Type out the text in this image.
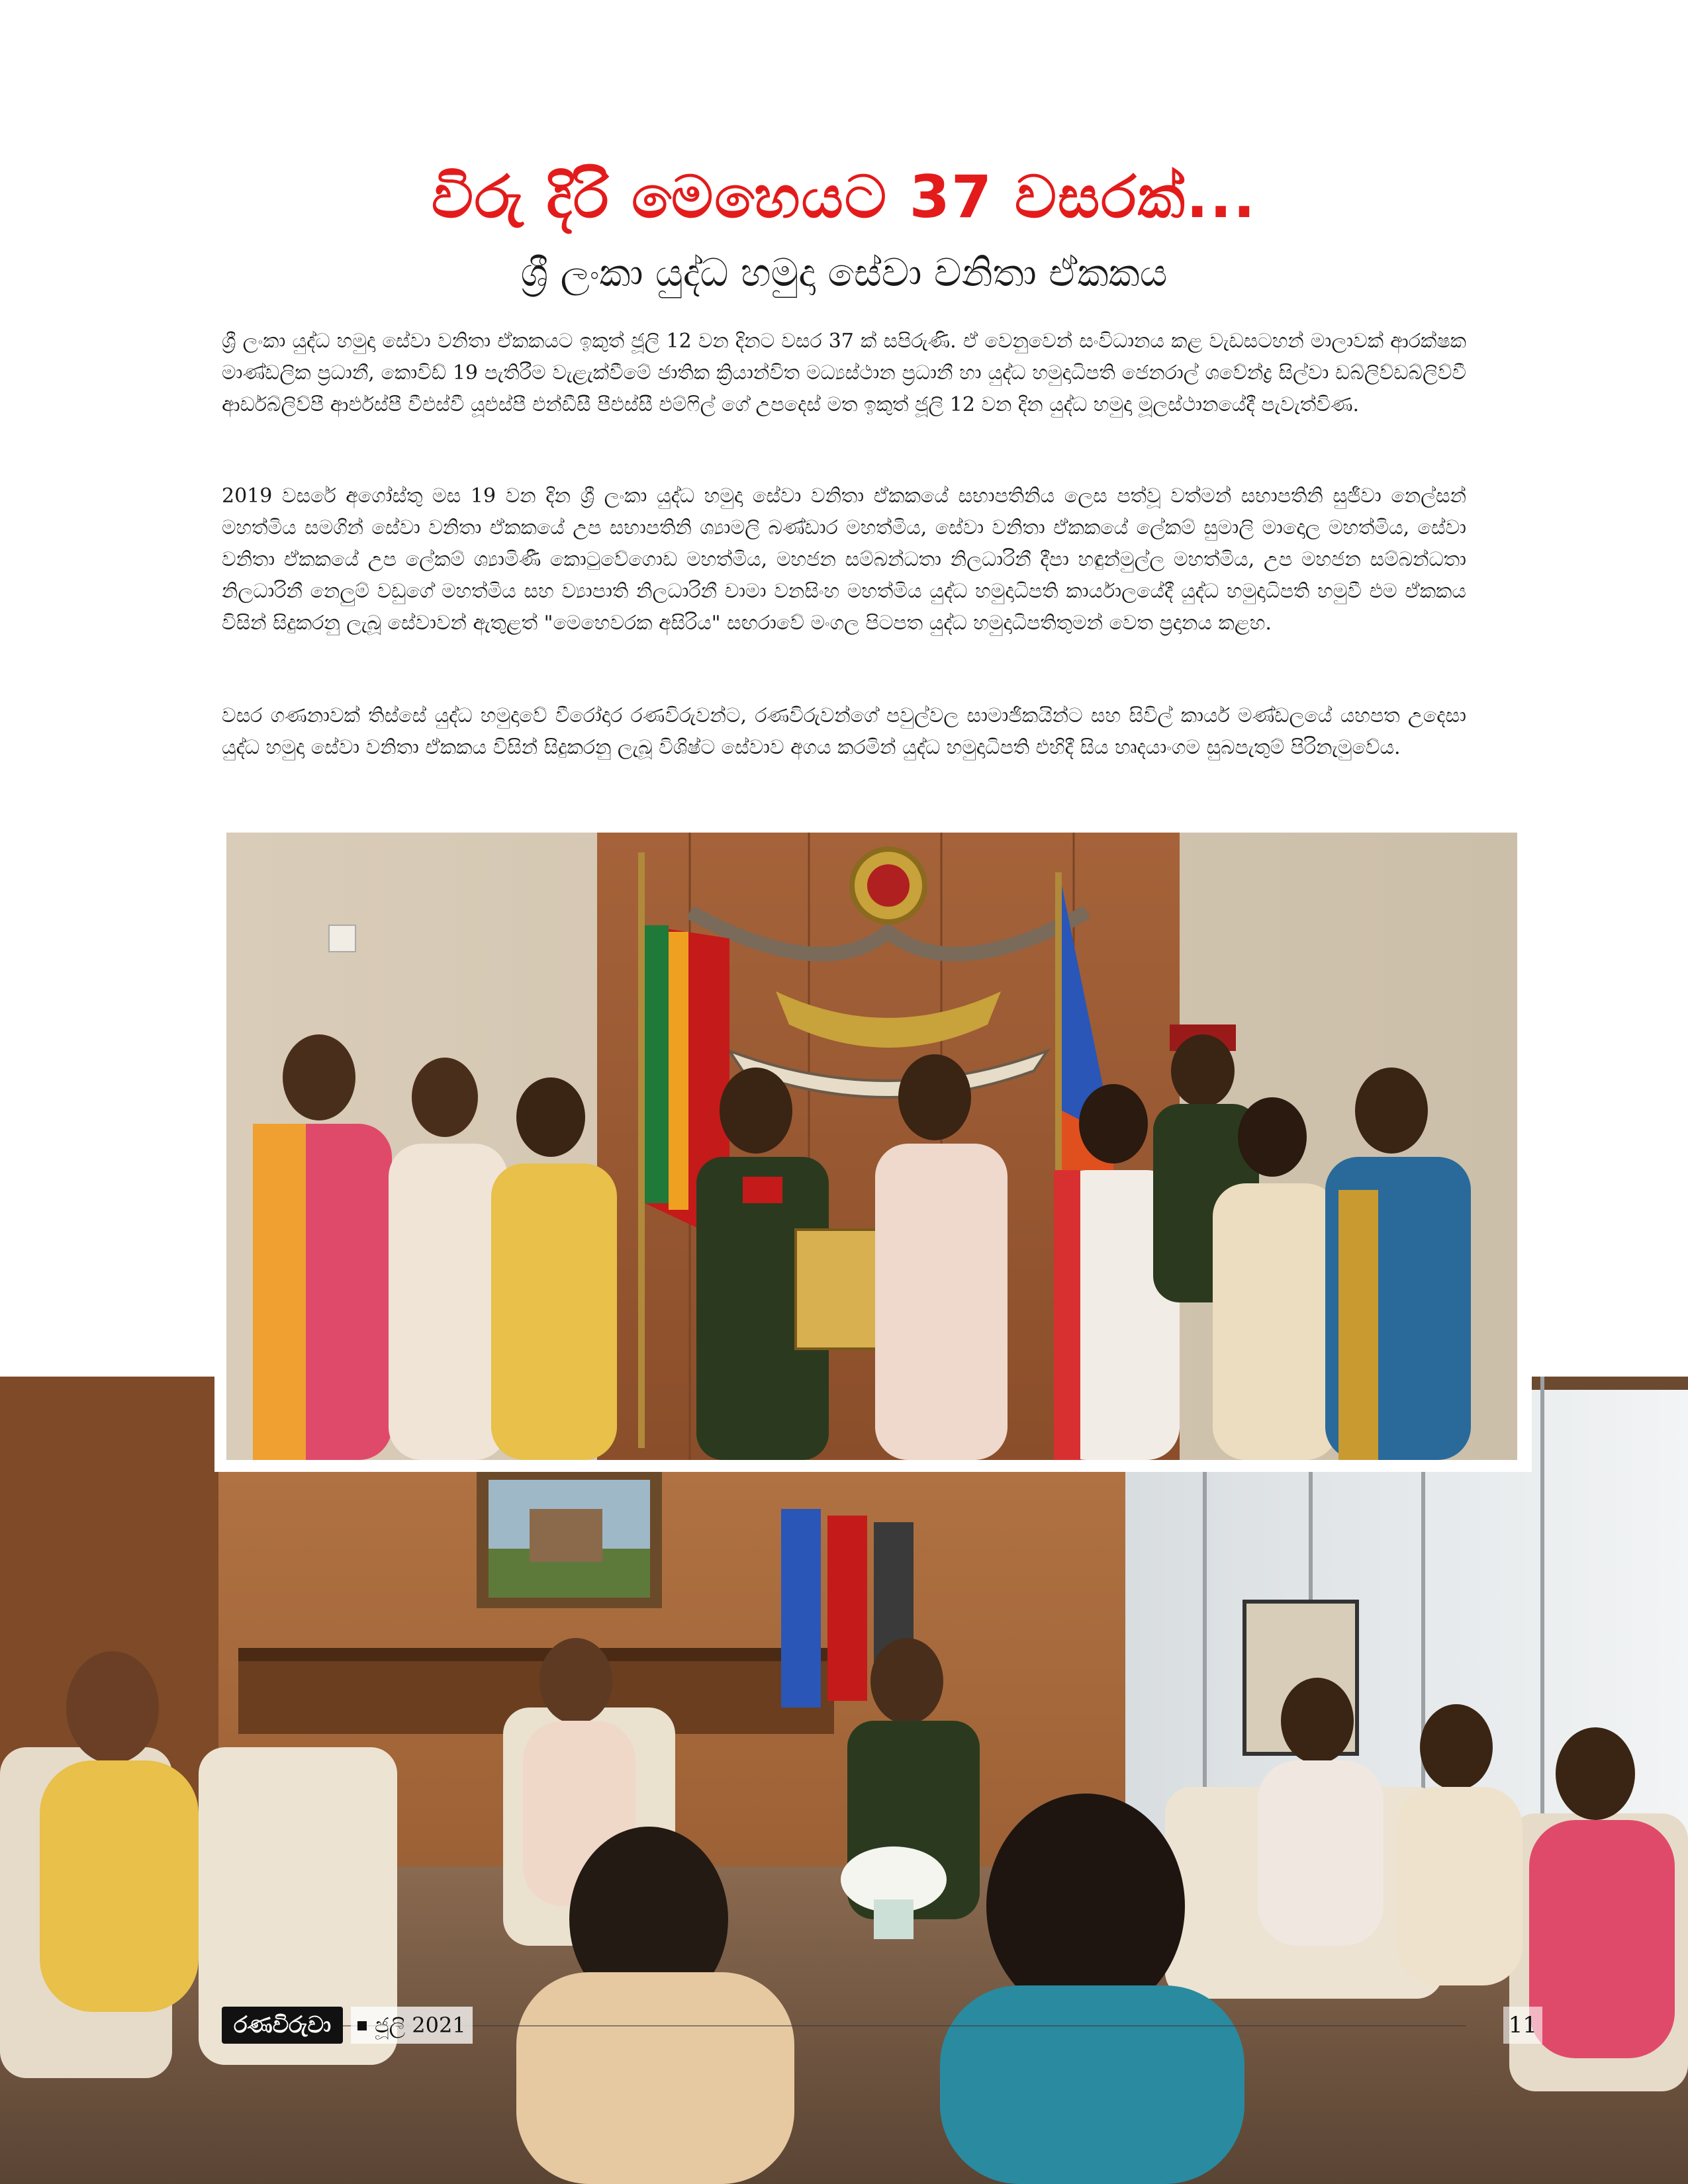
විරු දිරි මෙහෙයට 37 වසරක්...
ශ්‍රී ලංකා යුද්ධ හමුදා සේවා වනිතා ඒකකය

ශ්‍රී ලංකා යුද්ධ හමුදා සේවා වනිතා ඒකකයට ඉකුත් ජූලි 12 වන දිනට වසර 37 ක් සපිරුණි. ඒ වෙනුවෙන් සංවිධානය කළ වැඩසටහන් මාලාවක් ආරක්ෂක මාණ්ඩලික ප්‍රධානී, කොවිඩ් 19 පැතිරීම වැළැක්වීමේ ජාතික ක්‍රියාන්විත මධ්‍යස්ථාන ප්‍රධානී හා යුද්ධ හමුදාධිපති ජෙනරාල් ශවේන්ද්‍ර සිල්වා ඩබ්ලිව්ඩබ්ලිව්වී ආර්ඩබ්ලිව්පී ආර්එස්පී වීඑස්වී යූඑස්පී එන්ඩීසී පීඑස්සී එම්ෆිල් ගේ උපදෙස් මත ඉකුත් ජූලි 12 වන දින යුද්ධ හමුදා මූලස්ථානයේදී පැවැත්විණ.

2019 වසරේ අගෝස්තු මස 19 වන දින ශ්‍රී ලංකා යුද්ධ හමුදා සේවා වනිතා ඒකකයේ සභාපතිනිය ලෙස පත්වූ වත්මන් සභාපතිනි සුජීවා නෙල්සන් මහත්මිය සමගින් සේවා වනිතා ඒකකයේ උප සභාපතිනි ශ්‍යාමලි බණ්ඩාර මහත්මිය, සේවා වනිතා ඒකකයේ ලේකම් සුමාලි මාදොල මහත්මිය, සේවා වනිතා ඒකකයේ උප ලේකම් ශ්‍යාමිණී කොටුවේගොඩ මහත්මිය, මහජන සම්බන්ධතා නිලධාරිනී දීපා හඳුන්මුල්ල මහත්මිය, උප මහජන සම්බන්ධතා නිලධාරිනී නෙලුම් වඩුගේ මහත්මිය සහ ව්‍යාපාති නිලධාරිනී චාමා වනසිංහ මහත්මිය යුද්ධ හමුදාධිපති කාර්යාලයේදී යුද්ධ හමුදාධිපති හමුවී එම ඒකකය විසින් සිදුකරනු ලැබූ සේවාවන් ඇතුළත් "මෙහෙවරක අසිරිය" සඟරාවේ මංගල පිටපත යුද්ධ හමුදාධිපතිතුමන් වෙත ප්‍රදානය කළහ.

වසර ගණනාවක් තිස්සේ යුද්ධ හමුදාවේ වීරෝදාර රණවිරුවන්ට, රණවිරුවන්ගේ පවුල්වල සාමාජිකයින්ට සහ සිවිල් කාර්ය මණ්ඩලයේ යහපත උදෙසා යුද්ධ හමුදා සේවා වනිතා ඒකකය විසින් සිදුකරනු ලැබූ විශිෂ්ට සේවාව අගය කරමින් යුද්ධ හමුදාධිපති එහිදී සිය හෘදයාංගම සුබපැතුම් පිරිනැමුවේය.

රණවිරුවා	ජූලි 2021	11
